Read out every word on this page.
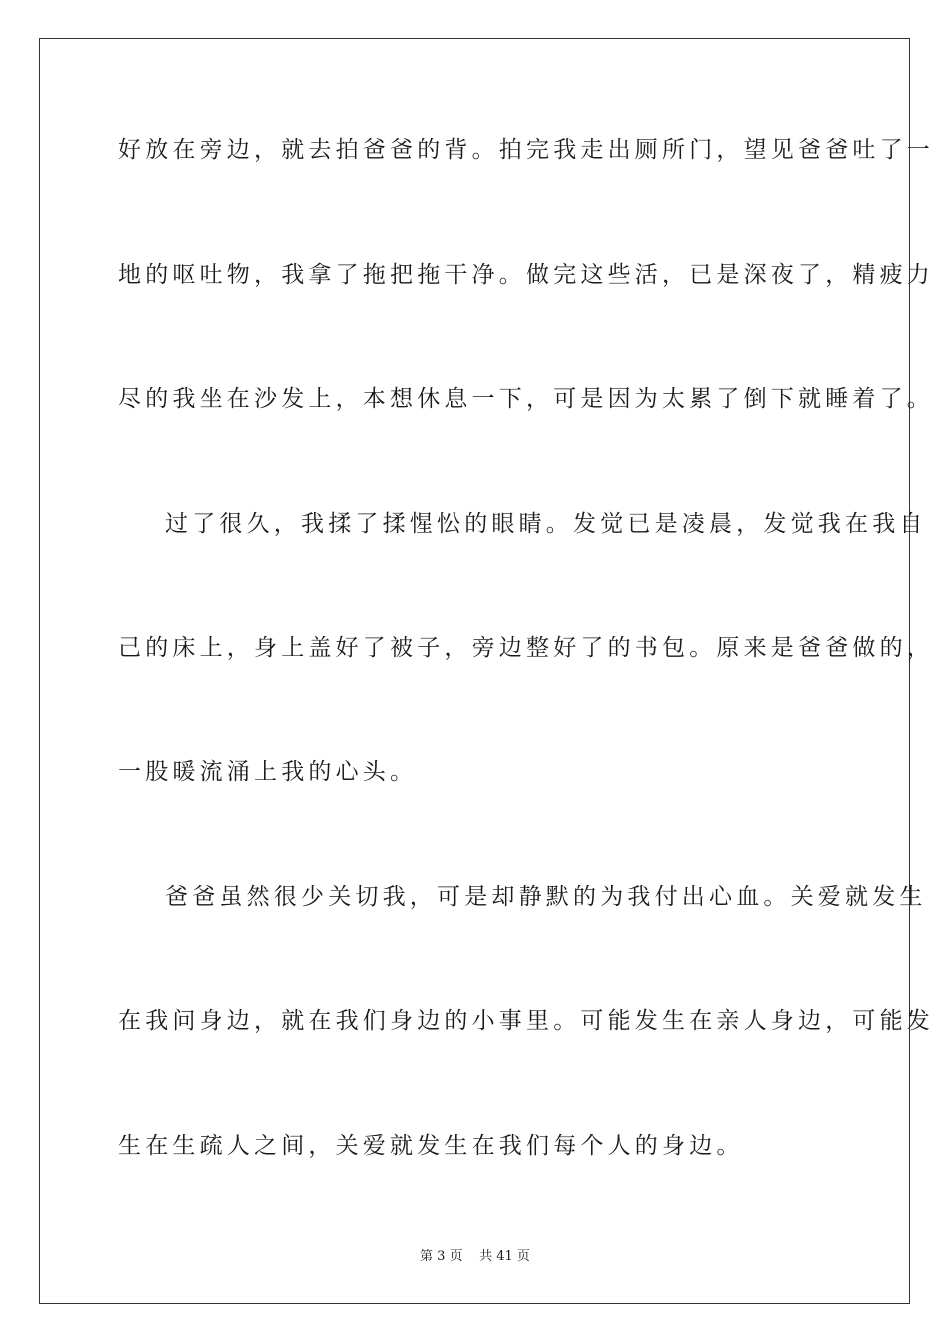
好放在旁边，就去拍爸爸的背。拍完我走出厕所门，望见爸爸吐了一
地的呕吐物，我拿了拖把拖干净。做完这些活，已是深夜了，精疲力
尽的我坐在沙发上，本想休息一下，可是因为太累了倒下就睡着了。
过了很久，我揉了揉惺忪的眼睛。发觉已是凌晨，发觉我在我自
己的床上，身上盖好了被子，旁边整好了的书包。原来是爸爸做的，
一股暖流涌上我的心头。
爸爸虽然很少关切我，可是却静默的为我付出心血。关爱就发生
在我问身边，就在我们身边的小事里。可能发生在亲人身边，可能发
生在生疏人之间，关爱就发生在我们每个人的身边。
第 3 页 共 41 页
